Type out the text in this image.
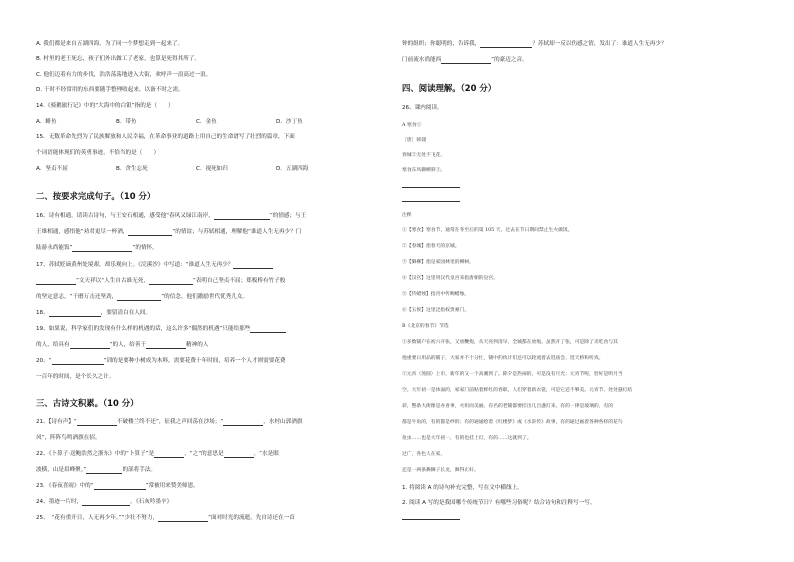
A. 我们都是来自五湖四海，为了同一个梦想走到一起来了。
B. 村里的老王死忘，孩子们外出做工了老家，也算是死得其所了。
C. 他们迈着有力的步伐，浩浩荡荡地进入大街，欢呼声一浪高过一浪。
D. 干时不经常用的东西要随手整理收起来，以备不时之需。
14.《骑鹅旅行记》中的“大海中的白银”指的是（　　）
A．鲱鱼	B．带鱼	C．金鱼	D．沙丁鱼
15．无数革命先烈为了民族解放和人民幸福，在革命事业的道路上用自己的生命谱写了壮烈的篇章，下面
个词语能体现们的英勇事迹，不恰当的是（　　）
A．坚贞不屈	B．舍生忘死	C．视死如归	D．五湖四海
二、按要求完成句子。（10 分）
16、诗有相通。请读古诗句，与王安石相通，感受他“春风又绿江南岸，	”的情感；与王
王维相通，感悟他“劝君更尽一杯酒，	”的情谊；与苏轼相通，理解他“谁道人生无再少？门
陆游永尚能饭”	”的情怀。
17、苏轼贬谪黄州处境艰，却乐观向上。《浣溪沙》中写道：“谁道人生无再少？
”文天祥以“人生自古谁无死，	”表明自己坚贞不屈；郑板桥有竹子般
的坚定意志，“千磨万击还坚劲，	”的信念。他们激励世代优秀儿女。
18、	，要留清白在人间。
19、如果说，科学家们的发现有什么样的机遇的话，这么许多“偶然的机遇”只能给那些
的人，给具有	”的人，给善于	精神的人
20、“	”训的是要种小树成为木料，需要花费十年时间，培养一个人才则需要花费
一百年的时间，是个长久之计。
三、古诗文积累。（10 分）
21、【诗有声】“	不破楼兰终不还”，征我之声回荡在沙场；“	，水村山郭酒旗
风”，阵阵鸟鸣酒旗在招。
22、《卜算子·送鲍浩然之浙东》中的“卜算子”是	，“之”的意思是	。“水是眼
波横，山是眉峰聚。”	的部将手法。
23．《春夜喜雨》中的“	”常被用来赞美师恩。
24、墨迹一片时，	。《石灰吟墨辛》
25、　“花有重开日，人无再少年。”“少壮不努力，	”面对时光的流逝，先自诗还在一首
钟的组织；你聪明的，告诉我，	？苏轼却一反以伤感之情，发出了：谁道人生无再少？
门前流水尚能西	”的豪迈之音。
四、阅读理解。（20 分）
26、课内阅读。
A 寒食①
［唐］韩翃
春城②无处不飞花，
寒食东风御柳斜③。
注释
①【寒食】寒食节，通常在冬至后的第 105 天，过去在节日期间禁止生火做饭。
②【春城】指春天的京城。
③【御柳】指皇家园林里的柳树。
④【汉宫】这里用汉代皇宫来指唐朝的皇宫。
⑤【传蜡烛】指宫中传赐蜡烛。
⑥【五侯】这里泛指权贵豪门。
B《北京的春节》节选
①多数铺户在初六开张，又放鞭炮，从天亮到清早，全城都在放炮。虽然开了张，可是除了卖吃食与其
他重要日用品的铺子，大家并不十分忙，铺中的伙计们还可以轮流着去逛庙会、逛天桥和听戏。
②元宵（汤圆）上市，新年的又一个高潮到了。除夕是热闹的，可是没有月光；元宵节呢，恰好是明月当
空。大年初一是体面的，家家门前贴着鲜红的春联，人们穿着新衣裳，可是它还不够美。元宵节，处处悬灯结
彩，整条大街像是办喜事，火炽而美丽。有名的老铺都要挂出几百盏灯来，有的一律是玻璃的，有的
都是牛角的，有的都是纱的；有的通通绘着《红楼梦》或《水浒传》故事，有的通过画着各种各样的花鸟
鱼虫……也是大年初一，有的也挂上灯，有的……这就到了。
过广，各色人在家，
还是一两条舞狮子长龙，舞得正好。
1. 将阅读 A 的诗句补充完整，写在文中横线上。
2. 阅读 A 写的是我国哪个传统节日？有哪些习俗呢？结合诗句和注释写一写。
